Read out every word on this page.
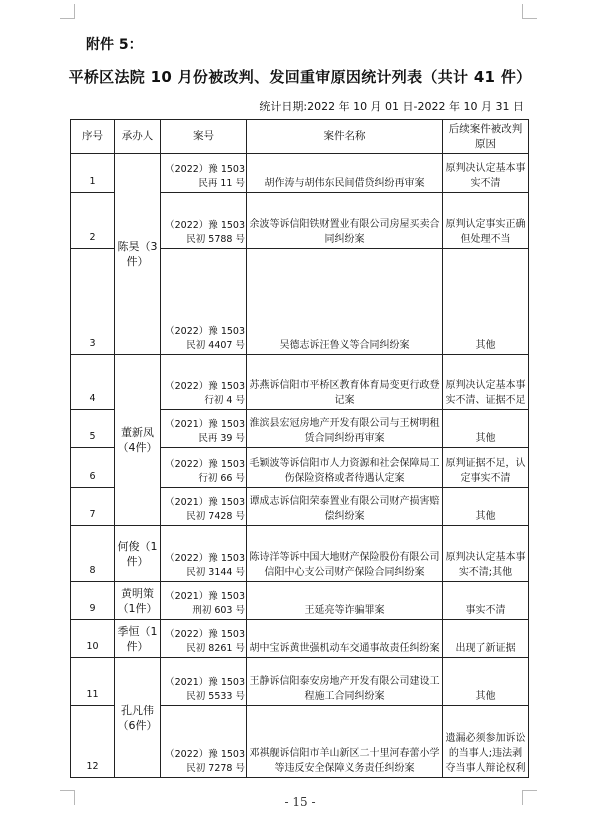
附件 5：
平桥区法院 10 月份被改判、发回重审原因统计列表（共计 41 件）
统计日期:2022 年 10 月 01 日-2022 年 10 月 31 日
序号	承办人	案号	案件名称	后续案件被改判原因
1	陈昊（3件）	（2022）豫 1503 民再 11 号	胡作涛与胡伟东民间借贷纠纷再审案	原判决认定基本事实不清
2		（2022）豫 1503 民初 5788 号	余波等诉信阳铁财置业有限公司房屋买卖合同纠纷案	原判认定事实正确但处理不当
3		（2022）豫 1503 民初 4407 号	吴德志诉汪鲁义等合同纠纷案	其他
4	董新凤（4件）	（2022）豫 1503 行初 4 号	苏燕诉信阳市平桥区教育体育局变更行政登记案	原判决认定基本事实不清、证据不足
5		（2021）豫 1503 民再 39 号	淮滨县宏冠房地产开发有限公司与王树明租赁合同纠纷再审案	其他
6		（2022）豫 1503 行初 66 号	毛颖波等诉信阳市人力资源和社会保障局工伤保险资格或者待遇认定案	原判证据不足，认定事实不清
7		（2021）豫 1503 民初 7428 号	谭成志诉信阳荣泰置业有限公司财产损害赔偿纠纷案	其他
8	何俊（1件）	（2022）豫 1503 民初 3144 号	陈诗洋等诉中国大地财产保险股份有限公司信阳中心支公司财产保险合同纠纷案	原判决认定基本事实不清;其他
9	黄明策（1件）	（2021）豫 1503 刑初 603 号	王延亮等诈骗罪案	事实不清
10	季恒（1件）	（2022）豫 1503 民初 8261 号	胡中宝诉黄世强机动车交通事故责任纠纷案	出现了新证据
11	孔凡伟（6件）	（2021）豫 1503 民初 5533 号	王静诉信阳泰安房地产开发有限公司建设工程施工合同纠纷案	其他
12		（2022）豫 1503 民初 7278 号	邓祺舰诉信阳市羊山新区二十里河春蕾小学等违反安全保障义务责任纠纷案	遗漏必须参加诉讼的当事人;违法剥夺当事人辩论权利
- 15 -
